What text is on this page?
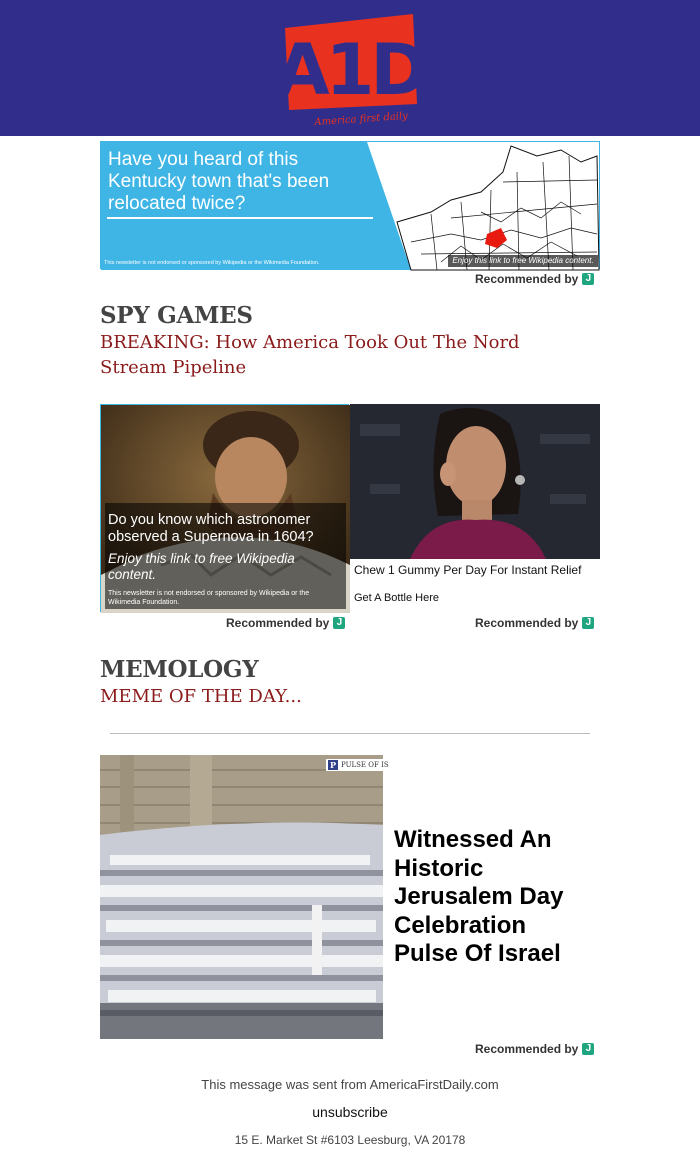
A1D
America first daily
Have you heard of this Kentucky town that's been relocated twice?
This newsletter is not endorsed or sponsored by Wikipedia or the Wikimedia Foundation.	Enjoy this link to free Wikipedia content.
Recommended by J
SPY GAMES
BREAKING: How America Took Out The Nord Stream Pipeline
Do you know which astronomer observed a Supernova in 1604?
Enjoy this link to free Wikipedia content.
This newsletter is not endorsed or sponsored by Wikipedia or the Wikimedia Foundation.
Recommended by J
Chew 1 Gummy Per Day For Instant Relief
Get A Bottle Here
Recommended by J
MEMOLOGY
MEME OF THE DAY...
P PULSE OF IS
Witnessed An Historic Jerusalem Day Celebration Pulse Of Israel
Recommended by J
This message was sent from AmericaFirstDaily.com
unsubscribe
15 E. Market St #6103 Leesburg, VA 20178
